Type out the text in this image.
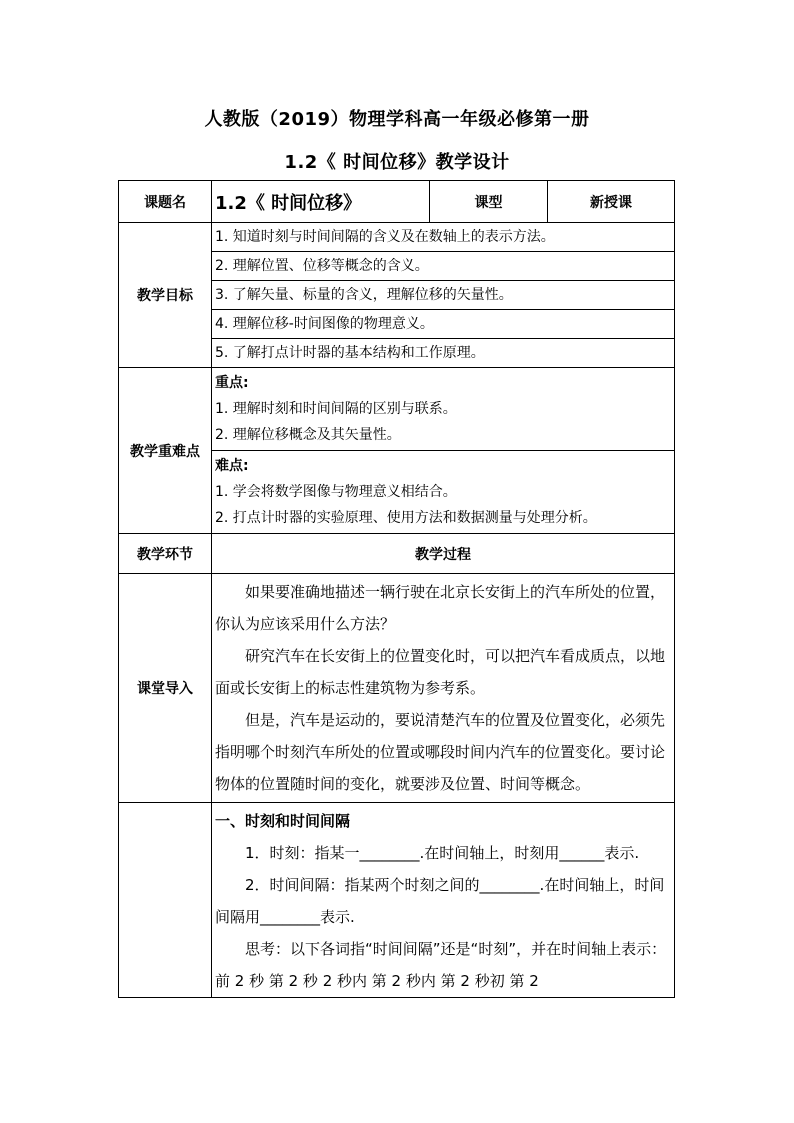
人教版（2019）物理学科高一年级必修第一册
1.2《 时间位移》教学设计
课题名	1.2《 时间位移》	课型	新授课
教学目标	1. 知道时刻与时间间隔的含义及在数轴上的表示方法。		
	2. 理解位置、位移等概念的含义。		
	3. 了解矢量、标量的含义，理解位移的矢量性。		
	4. 理解位移-时间图像的物理意义。		
	5. 了解打点计时器的基本结构和工作原理。		
教学重难点	重点:
1. 理解时刻和时间间隔的区别与联系。
2. 理解位移概念及其矢量性。		

	难点:
1. 学会将数学图像与物理意义相结合。
2. 打点计时器的实验原理、使用方法和数据测量与处理分析。		

教学环节	教学过程		
课堂导入	如果要准确地描述一辆行驶在北京长安街上的汽车所处的位置，你认为应该采用什么方法？

研究汽车在长安街上的位置变化时，可以把汽车看成质点，以地面或长安街上的标志性建筑物为参考系。

但是，汽车是运动的，要说清楚汽车的位置及位置变化，必须先指明哪个时刻汽车所处的位置或哪段时间内汽车的位置变化。要讨论物体的位置随时间的变化，就要涉及位置、时间等概念。		

	一、时刻和时间间隔

1．时刻：指某一________.在时间轴上，时刻用______表示.

2．时间间隔：指某两个时刻之间的________.在时间轴上，时间间隔用________表示.

思考：以下各词指“时间间隔”还是“时刻”，并在时间轴上表示：前 2 秒 第 2 秒 2 秒内 第 2 秒内 第 2 秒初 第 2		
